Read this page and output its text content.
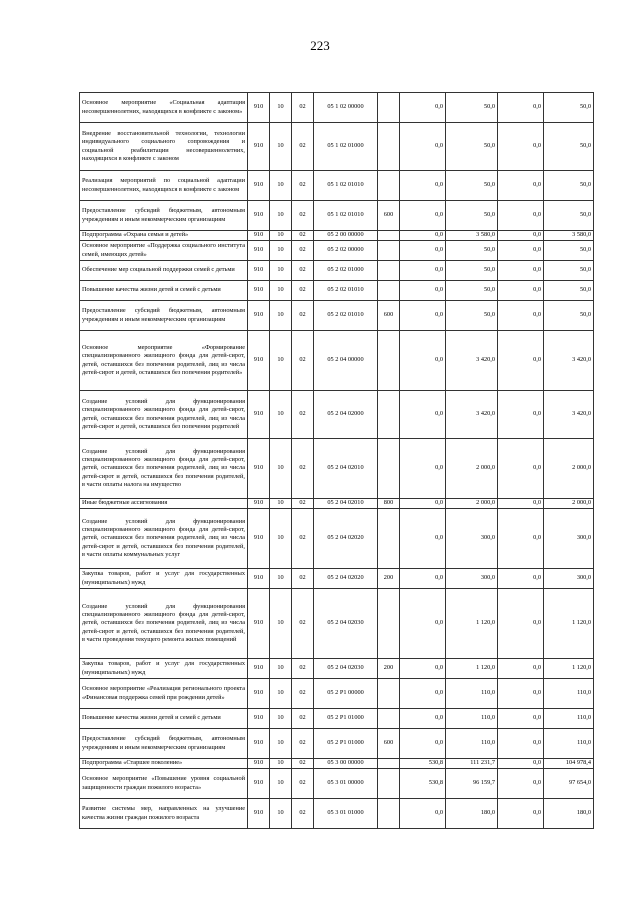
223
Основное мероприятие «Социальная адаптация несовершеннолетних, находящихся в конфликте с законом»	910	10	02	05 1 02 00000		0,0	50,0	0,0	50,0
Внедрение восстановительной технологии, технологии индивидуального социального сопровождения и социальной реабилитации несовершеннолетних, находящихся в конфликте с законом	910	10	02	05 1 02 01000		0,0	50,0	0,0	50,0
Реализация мероприятий по социальной адаптации несовершеннолетних, находящихся в конфликте с законом	910	10	02	05 1 02 01010		0,0	50,0	0,0	50,0
Предоставление субсидий бюджетным, автономным учреждениям и иным некоммерческим организациям	910	10	02	05 1 02 01010	600	0,0	50,0	0,0	50,0
Подпрограмма «Охрана семьи и детей»	910	10	02	05 2 00 00000		0,0	3 580,0	0,0	3 580,0
Основное мероприятие «Поддержка социального института семей, имеющих детей»	910	10	02	05 2 02 00000		0,0	50,0	0,0	50,0
Обеспечение мер социальной поддержки семей с детьми	910	10	02	05 2 02 01000		0,0	50,0	0,0	50,0
Повышение качества жизни детей и семей с детьми	910	10	02	05 2 02 01010		0,0	50,0	0,0	50,0
Предоставление субсидий бюджетным, автономным учреждениям и иным некоммерческим организациям	910	10	02	05 2 02 01010	600	0,0	50,0	0,0	50,0
Основное мероприятие «Формирование специализированного жилищного фонда для детей-сирот, детей, оставшихся без попечения родителей, лиц из числа детей-сирот и детей, оставшихся без попечения родителей»	910	10	02	05 2 04 00000		0,0	3 420,0	0,0	3 420,0
Создание условий для функционирования специализированного жилищного фонда для детей-сирот, детей, оставшихся без попечения родителей, лиц из числа детей-сирот и детей, оставшихся без попечения родителей	910	10	02	05 2 04 02000		0,0	3 420,0	0,0	3 420,0
Создание условий для функционирования специализированного жилищного фонда для детей-сирот, детей, оставшихся без попечения родителей, лиц из числа детей-сирот и детей, оставшихся без попечения родителей, в части оплаты налога на имущество	910	10	02	05 2 04 02010		0,0	2 000,0	0,0	2 000,0
Иные бюджетные ассигнования	910	10	02	05 2 04 02010	800	0,0	2 000,0	0,0	2 000,0
Создание условий для функционирования специализированного жилищного фонда для детей-сирот, детей, оставшихся без попечения родителей, лиц из числа детей-сирот и детей, оставшихся без попечения родителей, в части оплаты коммунальных услуг	910	10	02	05 2 04 02020		0,0	300,0	0,0	300,0
Закупка товаров, работ и услуг для государственных (муниципальных) нужд	910	10	02	05 2 04 02020	200	0,0	300,0	0,0	300,0
Создание условий для функционирования специализированного жилищного фонда для детей-сирот, детей, оставшихся без попечения родителей, лиц из числа детей-сирот и детей, оставшихся без попечения родителей, в части проведения текущего ремонта жилых помещений	910	10	02	05 2 04 02030		0,0	1 120,0	0,0	1 120,0
Закупка товаров, работ и услуг для государственных (муниципальных) нужд	910	10	02	05 2 04 02030	200	0,0	1 120,0	0,0	1 120,0
Основное мероприятие «Реализация регионального проекта «Финансовая поддержка семей при рождении детей»	910	10	02	05 2 P1 00000		0,0	110,0	0,0	110,0
Повышение качества жизни детей и семей с детьми	910	10	02	05 2 P1 01000		0,0	110,0	0,0	110,0
Предоставление субсидий бюджетным, автономным учреждениям и иным некоммерческим организациям	910	10	02	05 2 P1 01000	600	0,0	110,0	0,0	110,0
Подпрограмма «Старшее поколение»	910	10	02	05 3 00 00000		530,8	111 231,7	0,0	104 978,4
Основное мероприятие «Повышение уровня социальной защищенности граждан пожилого возраста»	910	10	02	05 3 01 00000		530,8	96 159,7	0,0	97 654,0
Развитие системы мер, направленных на улучшение качества жизни граждан пожилого возраста	910	10	02	05 3 01 01000		0,0	180,0	0,0	180,0
